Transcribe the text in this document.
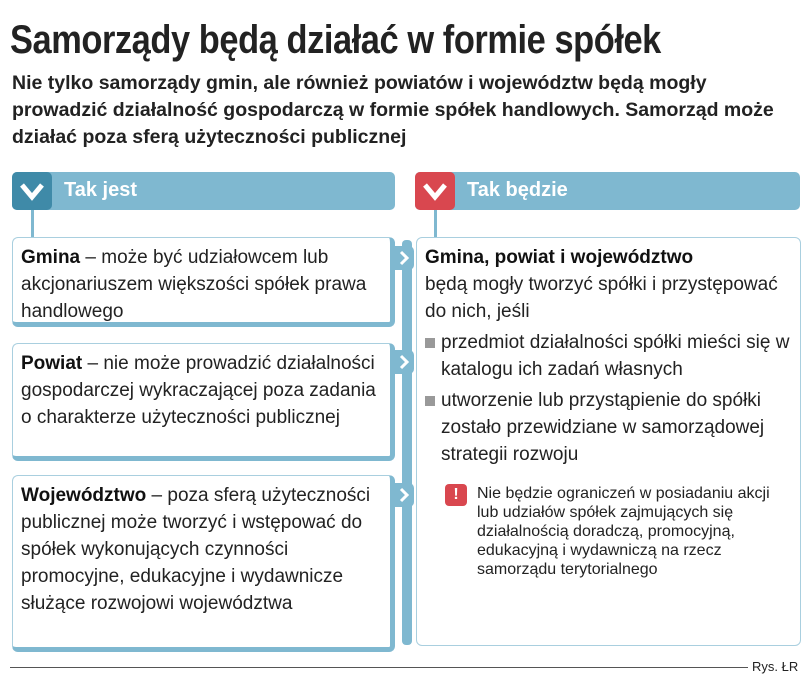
Samorządy będą działać w formie spółek
Nie tylko samorządy gmin, ale również powiatów i województw będą mogły prowadzić działalność gospodarczą w formie spółek handlowych. Samorząd może działać poza sferą użyteczności publicznej
Tak jest	Tak będzie
Gmina – może być udziałowcem lub akcjonariuszem większości spółek prawa handlowego
Powiat – nie może prowadzić działalności gospodarczej wykraczającej poza zadania o charakterze użyteczności publicznej
Województwo – poza sferą użyteczności publicznej może tworzyć i wstępować do spółek wykonujących czynności promocyjne, edukacyjne i wydawnicze służące rozwojowi województwa
Gmina, powiat i województwo
będą mogły tworzyć spółki i przystępować do nich, jeśli
przedmiot działalności spółki mieści się w katalogu ich zadań własnych
utworzenie lub przystąpienie do spółki zostało przewidziane w samorządowej strategii rozwoju
!	Nie będzie ograniczeń w posiadaniu akcji lub udziałów spółek zajmujących się działalnością doradczą, promocyjną, edukacyjną i wydawniczą na rzecz samorządu terytorialnego
Rys. ŁR
